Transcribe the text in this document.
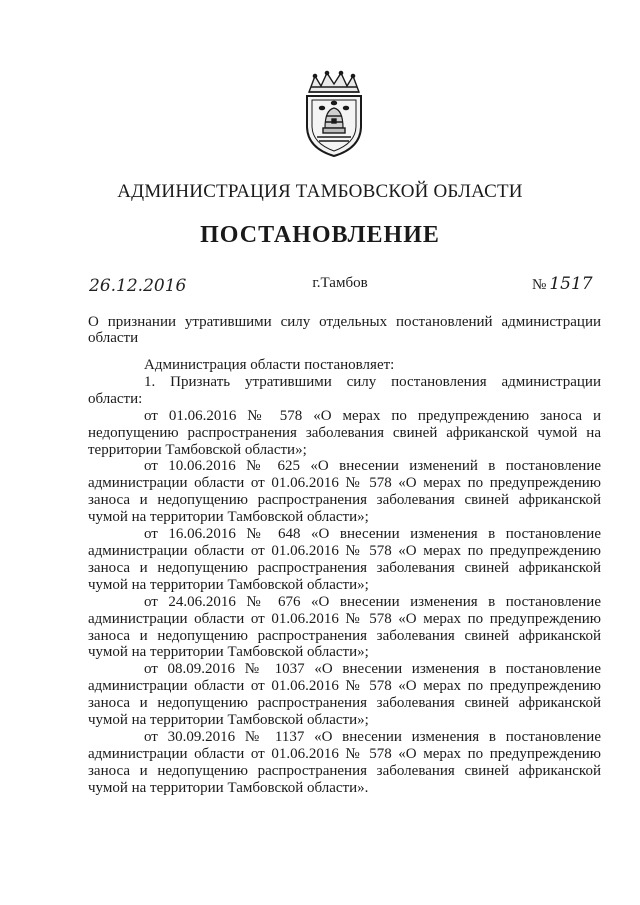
АДМИНИСТРАЦИЯ ТАМБОВСКОЙ ОБЛАСТИ
ПОСТАНОВЛЕНИЕ
26.12.2016	г.Тамбов	№ 1517
О признании утратившими силу отдельных постановлений администрации области

Администрация области постановляет:

1. Признать утратившими силу постановления администрации области:

от 01.06.2016 № 578 «О мерах по предупреждению заноса и недопущению распространения заболевания свиней африканской чумой на территории Тамбовской области»;

от 10.06.2016 № 625 «О внесении изменений в постановление администрации области от 01.06.2016 № 578 «О мерах по предупреждению заноса и недопущению распространения заболевания свиней африканской чумой на территории Тамбовской области»;

от 16.06.2016 № 648 «О внесении изменения в постановление администрации области от 01.06.2016 № 578 «О мерах по предупреждению заноса и недопущению распространения заболевания свиней африканской чумой на территории Тамбовской области»;

от 24.06.2016 № 676 «О внесении изменения в постановление администрации области от 01.06.2016 № 578 «О мерах по предупреждению заноса и недопущению распространения заболевания свиней африканской чумой на территории Тамбовской области»;

от 08.09.2016 № 1037 «О внесении изменения в постановление администрации области от 01.06.2016 № 578 «О мерах по предупреждению заноса и недопущению распространения заболевания свиней африканской чумой на территории Тамбовской области»;

от 30.09.2016 № 1137 «О внесении изменения в постановление администрации области от 01.06.2016 № 578 «О мерах по предупреждению заноса и недопущению распространения заболевания свиней африканской чумой на территории Тамбовской области».
